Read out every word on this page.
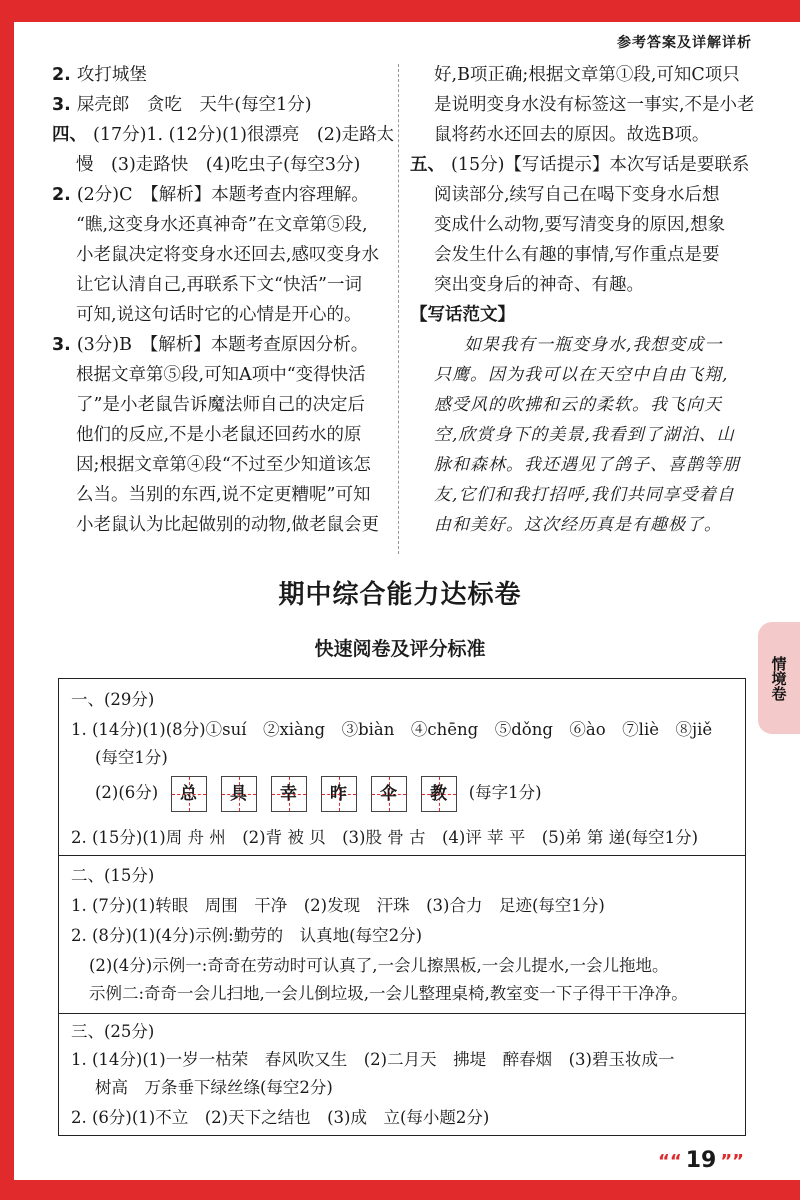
参考答案及详解详析
2. 攻打城堡
3. 屎壳郎　贪吃　天牛(每空1分)
四、 (17分)1. (12分)(1)很漂亮　(2)走路太
慢　(3)走路快　(4)吃虫子(每空3分)
2. (2分)C　【解析】本题考查内容理解。
“瞧,这变身水还真神奇”在文章第⑤段,
小老鼠决定将变身水还回去,感叹变身水
让它认清自己,再联系下文“快活”一词
可知,说这句话时它的心情是开心的。
3. (3分)B　【解析】本题考查原因分析。
根据文章第⑤段,可知A项中“变得快活
了”是小老鼠告诉魔法师自己的决定后
他们的反应,不是小老鼠还回药水的原
因;根据文章第④段“不过至少知道该怎
么当。当别的东西,说不定更糟呢”可知
小老鼠认为比起做别的动物,做老鼠会更
好,B项正确;根据文章第①段,可知C项只
是说明变身水没有标签这一事实,不是小老
鼠将药水还回去的原因。故选B项。
五、 (15分)【写话提示】本次写话是要联系
阅读部分,续写自己在喝下变身水后想
变成什么动物,要写清变身的原因,想象
会发生什么有趣的事情,写作重点是要
突出变身后的神奇、有趣。
【写话范文】
如果我有一瓶变身水,我想变成一
只鹰。因为我可以在天空中自由飞翔,
感受风的吹拂和云的柔软。我飞向天
空,欣赏身下的美景,我看到了湖泊、山
脉和森林。我还遇见了鸽子、喜鹊等朋
友,它们和我打招呼,我们共同享受着自
由和美好。这次经历真是有趣极了。
期中综合能力达标卷
快速阅卷及评分标准
情境卷
一、(29分)
1. (14分)(1)(8分)①suí　②xiàng　③biàn　④chēng　⑤dǒng　⑥ào　⑦liè　⑧jiě
(每空1分)
(2)(6分) 总 具 幸 昨 伞 教 (每字1分)
2. (15分)(1)周 舟 州　(2)背 被 贝　(3)股 骨 古　(4)评 苹 平　(5)弟 第 递(每空1分)
二、(15分)
1. (7分)(1)转眼　周围　干净　(2)发现　汗珠　(3)合力　足迹(每空1分)
2. (8分)(1)(4分)示例:勤劳的　认真地(每空2分)
(2)(4分)示例一:奇奇在劳动时可认真了,一会儿擦黑板,一会儿提水,一会儿拖地。
示例二:奇奇一会儿扫地,一会儿倒垃圾,一会儿整理桌椅,教室变一下子得干干净净。
三、(25分)
1. (14分)(1)一岁一枯荣　春风吹又生　(2)二月天　拂堤　醉春烟　(3)碧玉妆成一
树高　万条垂下绿丝绦(每空2分)
2. (6分)(1)不立　(2)天下之结也　(3)成　立(每小题2分)
““ 19 ””
